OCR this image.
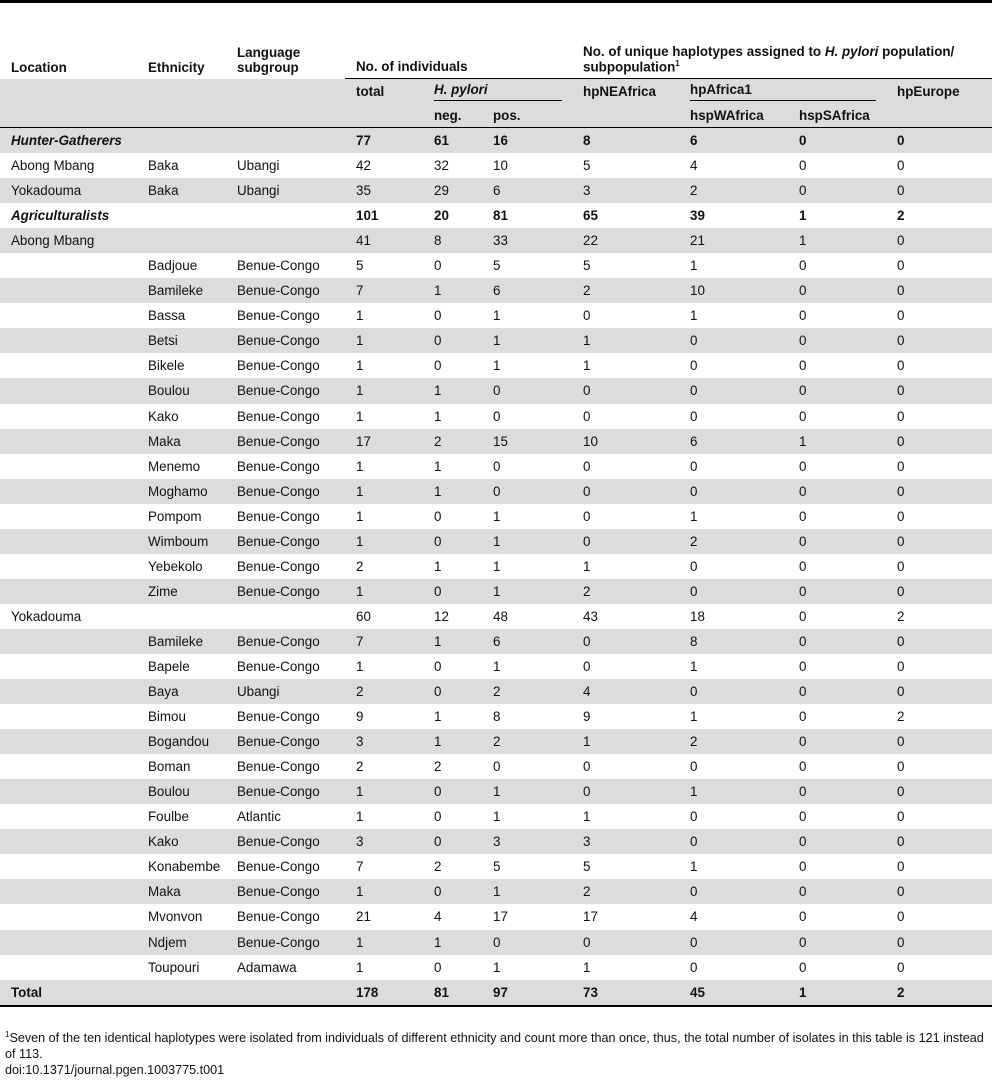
Location	Ethnicity	Language subgroup	No. of individuals			No. of unique haplotypes assigned to H. pylori population/ subpopulation$^1$
			total	H. pylori		hpNEAfrica	hpAfrica1		hpEurope
				neg.	pos.		hspWAfrica	hspSAfrica	
Hunter-Gatherers			77	61	16	8	6	0	0
Abong Mbang	Baka	Ubangi	42	32	10	5	4	0	0
Yokadouma	Baka	Ubangi	35	29	6	3	2	0	0
Agriculturalists			101	20	81	65	39	1	2
Abong Mbang			41	8	33	22	21	1	0
	Badjoue	Benue-Congo	5	0	5	5	1	0	0
	Bamileke	Benue-Congo	7	1	6	2	10	0	0
	Bassa	Benue-Congo	1	0	1	0	1	0	0
	Betsi	Benue-Congo	1	0	1	1	0	0	0
	Bikele	Benue-Congo	1	0	1	1	0	0	0
	Boulou	Benue-Congo	1	1	0	0	0	0	0
	Kako	Benue-Congo	1	1	0	0	0	0	0
	Maka	Benue-Congo	17	2	15	10	6	1	0
	Menemo	Benue-Congo	1	1	0	0	0	0	0
	Moghamo	Benue-Congo	1	1	0	0	0	0	0
	Pompom	Benue-Congo	1	0	1	0	1	0	0
	Wimboum	Benue-Congo	1	0	1	0	2	0	0
	Yebekolo	Benue-Congo	2	1	1	1	0	0	0
	Zime	Benue-Congo	1	0	1	2	0	0	0
Yokadouma			60	12	48	43	18	0	2
	Bamileke	Benue-Congo	7	1	6	0	8	0	0
	Bapele	Benue-Congo	1	0	1	0	1	0	0
	Baya	Ubangi	2	0	2	4	0	0	0
	Bimou	Benue-Congo	9	1	8	9	1	0	2
	Bogandou	Benue-Congo	3	1	2	1	2	0	0
	Boman	Benue-Congo	2	2	0	0	0	0	0
	Boulou	Benue-Congo	1	0	1	0	1	0	0
	Foulbe	Atlantic	1	0	1	1	0	0	0
	Kako	Benue-Congo	3	0	3	3	0	0	0
	Konabembe	Benue-Congo	7	2	5	5	1	0	0
	Maka	Benue-Congo	1	0	1	2	0	0	0
	Mvonvon	Benue-Congo	21	4	17	17	4	0	0
	Ndjem	Benue-Congo	1	1	0	0	0	0	0
	Toupouri	Adamawa	1	0	1	1	0	0	0
Total			178	81	97	73	45	1	2
$^1$Seven of the ten identical haplotypes were isolated from individuals of different ethnicity and count more than once, thus, the total number of isolates in this table is 121 instead of 113.
doi:10.1371/journal.pgen.1003775.t001
